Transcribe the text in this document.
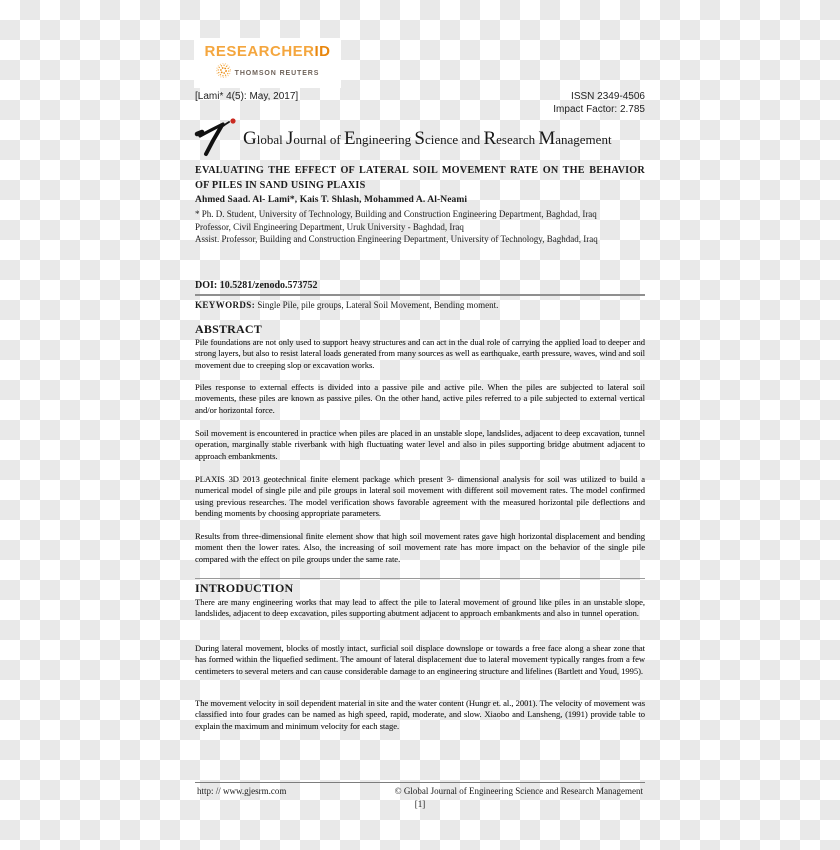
RESEARCHERID
THOMSON REUTERS
[Lami* 4(5): May, 2017]	ISSN 2349-4506
Impact Factor: 2.785
Global Journal of Engineering Science and Research Management
EVALUATING THE EFFECT OF LATERAL SOIL MOVEMENT RATE ON THE BEHAVIOR OF PILES IN SAND USING PLAXIS
Ahmed Saad. Al- Lami*, Kais T. Shlash, Mohammed A. Al-Neami
* Ph. D. Student, University of Technology, Building and Construction Engineering Department, Baghdad, Iraq
Professor, Civil Engineering Department, Uruk University - Baghdad, Iraq
Assist. Professor, Building and Construction Engineering Department, University of Technology, Baghdad, Iraq
DOI: 10.5281/zenodo.573752
KEYWORDS: Single Pile, pile groups, Lateral Soil Movement, Bending moment.
ABSTRACT
Pile foundations are not only used to support heavy structures and can act in the dual role of carrying the applied load to deeper and strong layers, but also to resist lateral loads generated from many sources as well as earthquake, earth pressure, waves, wind and soil movement due to creeping slop or excavation works.
Piles response to external effects is divided into a passive pile and active pile. When the piles are subjected to lateral soil movements, these piles are known as passive piles. On the other hand, active piles referred to a pile subjected to external vertical and/or horizontal force.
Soil movement is encountered in practice when piles are placed in an unstable slope, landslides, adjacent to deep excavation, tunnel operation, marginally stable riverbank with high fluctuating water level and also in piles supporting bridge abutment adjacent to approach embankments.
PLAXIS 3D 2013 geotechnical finite element package which present 3- dimensional analysis for soil was utilized to build a numerical model of single pile and pile groups in lateral soil movement with different soil movement rates. The model confirmed using previous researches. The model verification shows favorable agreement with the measured horizontal pile deflections and bending moments by choosing appropriate parameters.
Results from three-dimensional finite element show that high soil movement rates gave high horizontal displacement and bending moment then the lower rates. Also, the increasing of soil movement rate has more impact on the behavior of the single pile compared with the effect on pile groups under the same rate.
INTRODUCTION
There are many engineering works that may lead to affect the pile to lateral movement of ground like piles in an unstable slope, landslides, adjacent to deep excavation, piles supporting abutment adjacent to approach embankments and also in tunnel operation.
During lateral movement, blocks of mostly intact, surficial soil displace downslope or towards a free face along a shear zone that has formed within the liquefied sediment. The amount of lateral displacement due to lateral movement typically ranges from a few centimeters to several meters and can cause considerable damage to an engineering structure and lifelines (Bartlett and Youd, 1995).
The movement velocity in soil dependent material in site and the water content (Hungr et. al., 2001). The velocity of movement was classified into four grades can be named as high speed, rapid, moderate, and slow. Xiaobo and Lansheng, (1991) provide table to explain the maximum and minimum velocity for each stage.
http: // www.gjesrm.com	© Global Journal of Engineering Science and Research Management
[1]
